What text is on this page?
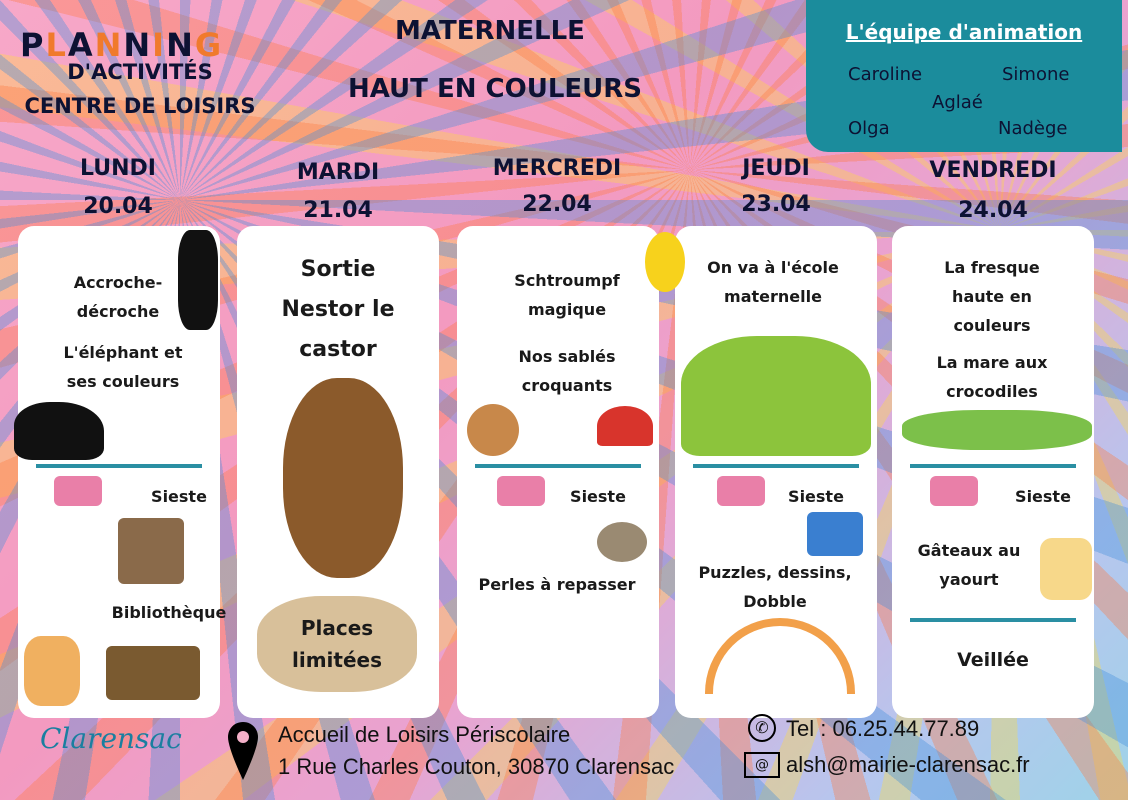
PLANNING
D'ACTIVITÉS
CENTRE DE LOISIRS
MATERNELLE
HAUT EN COULEURS
L'équipe d'animation
Caroline	Simone
Aglaé
Olga	Nadège
LUNDI
20.04
MARDI
21.04
MERCREDI
22.04
JEUDI
23.04
VENDREDI
24.04
Accroche-décroche
L'éléphant et ses couleurs
Sieste
Bibliothèque
Sortie Nestor le castor
Places limitées
Schtroumpf magique
Nos sablés croquants
Sieste
Perles à repasser
On va à l'école maternelle
Sieste
Puzzles, dessins, Dobble
La fresque haute en couleurs
La mare aux crocodiles
Sieste
Gâteaux au yaourt
Veillée
Clarensac	Accueil de Loisirs Périscolaire
1 Rue Charles Couton, 30870 Clarensac
✆ Tel : 06.25.44.77.89
@ alsh@mairie-clarensac.fr
